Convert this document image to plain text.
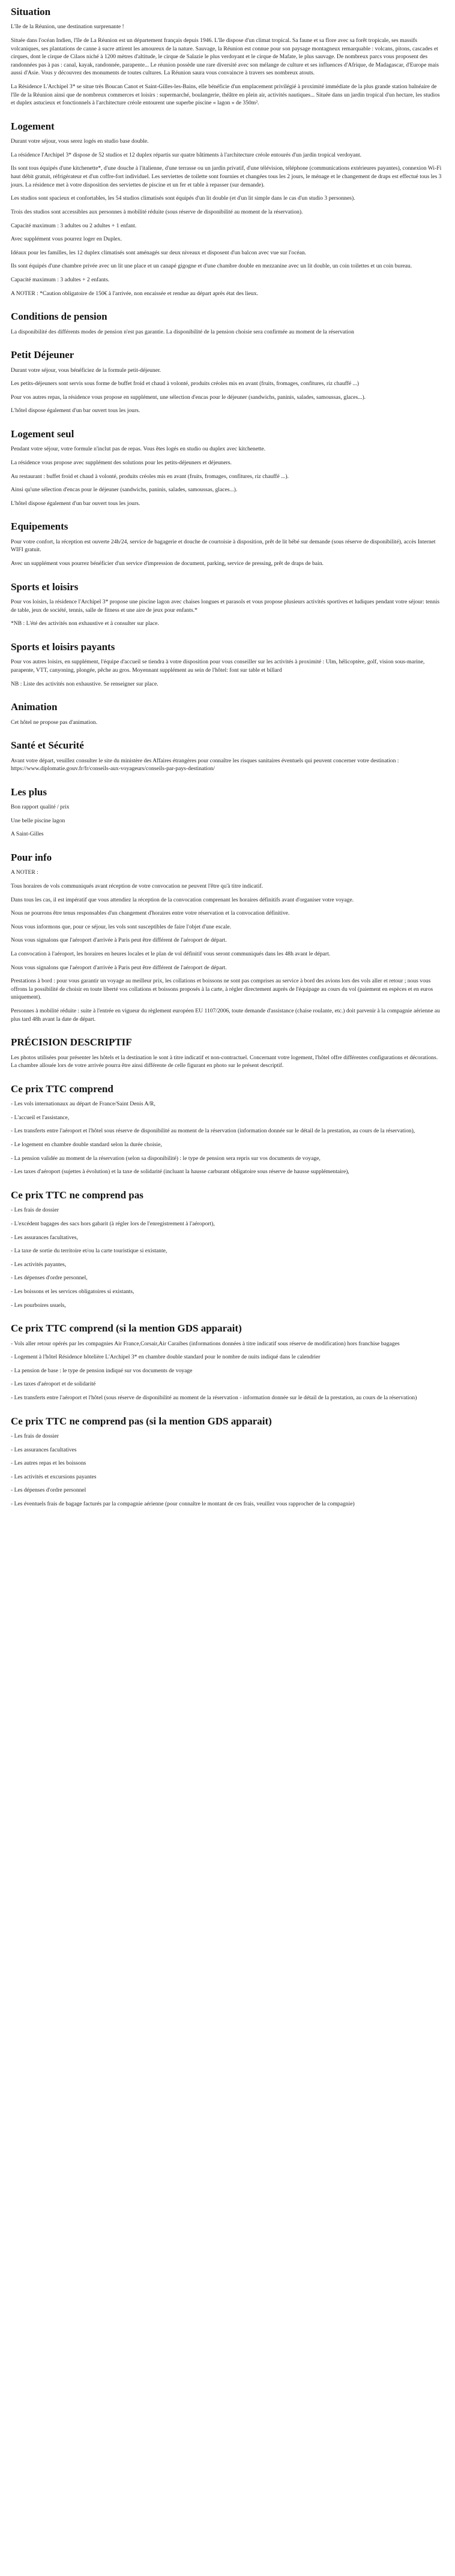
Situation

L'île de la Réunion, une destination surprenante !

Située dans l'océan Indien, l'île de La Réunion est un département français depuis 1946. L'île dispose d'un climat tropical. Sa faune et sa flore avec sa forêt tropicale, ses massifs volcaniques, ses plantations de canne à sucre attirent les amoureux de la nature. Sauvage, la Réunion est connue pour son paysage montagneux remarquable : volcans, pitons, cascades et cirques, dont le cirque de Cilaos niché à 1200 mètres d'altitude, le cirque de Salazie le plus verdoyant et le cirque de Mafate, le plus sauvage. De nombreux parcs vous proposent des randonnées pas à pas : canal, kayak, randonnée, parapente... Le réunion possède une rare diversité avec son mélange de culture et ses influences d'Afrique, de Madagascar, d'Europe mais aussi d'Asie. Vous y découvrez des monuments de toutes cultures. La Réunion saura vous convaincre à travers ses nombreux atouts.

La Résidence L'Archipel 3* se situe très Boucan Canot et Saint-Gilles-les-Bains, elle bénéficie d'un emplacement privilégié à proximité immédiate de la plus grande station balnéaire de l'île de la Réunion ainsi que de nombreux commerces et loisirs : supermarché, boulangerie, théâtre en plein air, activités nautiques... Située dans un jardin tropical d'un hectare, les studios et duplex astucieux et fonctionnels à l'architecture créole entourent une superbe piscine « lagon » de 350m².

Logement

Durant votre séjour, vous serez logés en studio base double.

La résidence l'Archipel 3* dispose de 52 studios et 12 duplex répartis sur quatre bâtiments à l'architecture créole entourés d'un jardin tropical verdoyant.

Ils sont tous équipés d'une kitchenette*, d'une douche à l'italienne, d'une terrasse ou un jardin privatif, d'une télévision, téléphone (communications extérieures payantes), connexion Wi-Fi haut débit gratuit, réfrigérateur et d'un coffre-fort individuel. Les serviettes de toilette sont fournies et changées tous les 2 jours, le ménage et le changement de draps est effectué tous les 3 jours. La résidence met à votre disposition des serviettes de piscine et un fer et table à repasser (sur demande).

Les studios sont spacieux et confortables, les 54 studios climatisés sont équipés d'un lit double (et d'un lit simple dans le cas d'un studio 3 personnes).

Trois des studios sont accessibles aux personnes à mobilité réduite (sous réserve de disponibilité au moment de la réservation).

Capacité maximum : 3 adultes ou 2 adultes + 1 enfant.

Avec supplément vous pourrez loger en Duplex.

Idéaux pour les familles, les 12 duplex climatisés sont aménagés sur deux niveaux et disposent d'un balcon avec vue sur l'océan.

Ils sont équipés d'une chambre privée avec un lit une place et un canapé gigogne et d'une chambre double en mezzanine avec un lit double, un coin toilettes et un coin bureau.

Capacité maximum : 3 adultes + 2 enfants.

A NOTER : *Caution obligatoire de 150€ à l'arrivée, non encaissée et rendue au départ après état des lieux.

Conditions de pension

La disponibilité des différents modes de pension n'est pas garantie. La disponibilité de la pension choisie sera confirmée au moment de la réservation

Petit Déjeuner

Durant votre séjour, vous bénéficiez de la formule petit-déjeuner.

Les petits-déjeuners sont servis sous forme de buffet froid et chaud à volonté, produits créoles mis en avant (fruits, fromages, confitures, riz chauffé ...)

Pour vos autres repas, la résidence vous propose en supplément, une sélection d'encas pour le déjeuner (sandwichs, paninis, salades, samoussas, glaces...).

L'hôtel dispose également d'un bar ouvert tous les jours.

Logement seul

Pendant votre séjour, votre formule n'inclut pas de repas. Vous êtes logés en studio ou duplex avec kitchenette.

La résidence vous propose avec supplément des solutions pour les petits-déjeuners et déjeuners.

Au restaurant : buffet froid et chaud à volonté, produits créoles mis en avant (fruits, fromages, confitures, riz chauffé ...).

Ainsi qu'une sélection d'encas pour le déjeuner (sandwichs, paninis, salades, samoussas, glaces...).

L'hôtel dispose également d'un bar ouvert tous les jours.

Equipements

Pour votre confort, la réception est ouverte 24h/24, service de bagagerie et douche de courtoisie à disposition, prêt de lit bébé sur demande (sous réserve de disponibilité), accès Internet WIFI gratuit.

Avec un supplément vous pourrez bénéficier d'un service d'impression de document, parking, service de pressing, prêt de draps de bain.

Sports et loisirs

Pour vos loisirs, la résidence l'Archipel 3* propose une piscine lagon avec chaises longues et parasols et vous propose plusieurs activités sportives et ludiques pendant votre séjour: tennis de table, jeux de société, tennis, salle de fitness et une aire de jeux pour enfants.*

*NB : L'été des activités non exhaustive et à consulter sur place.

Sports et loisirs payants

Pour vos autres loisirs, en supplément, l'équipe d'accueil se tiendra à votre disposition pour vous conseiller sur les activités à proximité : Ulm, hélicoptère, golf, vision sous-marine, parapente, VTT, canyoning, plongée, pêche au gros. Moyennant supplément au sein de l'hôtel: font sur table et billard

NB : Liste des activités non exhaustive. Se renseigner sur place.

Animation

Cet hôtel ne propose pas d'animation.

Santé et Sécurité

Avant votre départ, veuillez consulter le site du ministère des Affaires étrangères pour connaître les risques sanitaires éventuels qui peuvent concerner votre destination : https://www.diplomatie.gouv.fr/fr/conseils-aux-voyageurs/conseils-par-pays-destination/

Les plus

Bon rapport qualité / prix

Une belle piscine lagon

A Saint-Gilles

Pour info

A NOTER :

Tous horaires de vols communiqués avant réception de votre convocation ne peuvent l'être qu'à titre indicatif.

Dans tous les cas, il est impératif que vous attendiez la réception de la convocation comprenant les horaires définitifs avant d'organiser votre voyage.

Nous ne pourrons être tenus responsables d'un changement d'horaires entre votre réservation et la convocation définitive.

Nous vous informons que, pour ce séjour, les vols sont susceptibles de faire l'objet d'une escale.

Nous vous signalons que l'aéroport d'arrivée à Paris peut être différent de l'aéroport de départ.

La convocation à l'aéroport, les horaires en heures locales et le plan de vol définitif vous seront communiqués dans les 48h avant le départ.

Nous vous signalons que l'aéroport d'arrivée à Paris peut être différent de l'aéroport de départ.

Prestations à bord : pour vous garantir un voyage au meilleur prix, les collations et boissons ne sont pas comprises au service à bord des avions lors des vols aller et retour ; nous vous offrons la possibilité de choisir en toute liberté vos collations et boissons proposés à la carte, à régler directement auprès de l'équipage au cours du vol (paiement en espèces et en euros uniquement).

Personnes à mobilité réduite : suite à l'entrée en vigueur du règlement européen EU 1107/2006, toute demande d'assistance (chaise roulante, etc.) doit parvenir à la compagnie aérienne au plus tard 48h avant la date de départ.

PRÉCISION DESCRIPTIF

Les photos utilisées pour présenter les hôtels et la destination le sont à titre indicatif et non-contractuel. Concernant votre logement, l'hôtel offre différentes configurations et décorations. La chambre allouée lors de votre arrivée pourra être ainsi différente de celle figurant en photo sur le présent descriptif.

Ce prix TTC comprend

- Les vols internationaux au départ de France/Saint Denis A/R,

- L'accueil et l'assistance,

- Les transferts entre l'aéroport et l'hôtel sous réserve de disponibilité au moment de la réservation (information donnée sur le détail de la prestation, au cours de la réservation),

- Le logement en chambre double standard selon la durée choisie,

- La pension validée au moment de la réservation (selon sa disponibilité) : le type de pension sera repris sur vos documents de voyage,

- Les taxes d'aéroport (sujettes à évolution) et la taxe de solidarité (incluant la hausse carburant obligatoire sous réserve de hausse supplémentaire),

Ce prix TTC ne comprend pas

- Les frais de dossier

- L'excédent bagages des sacs hors gabarit (à régler lors de l'enregistrement à l'aéroport),

- Les assurances facultatives,

- La taxe de sortie du territoire et/ou la carte touristique si existante,

- Les activités payantes,

- Les dépenses d'ordre personnel,

- Les boissons et les services obligatoires si existants,

- Les pourboires usuels,

Ce prix TTC comprend (si la mention GDS apparait)

- Vols aller retour opérés par les compagnies Air France,Corsair,Air Caraibes (informations données à titre indicatif sous réserve de modification) hors franchise bagages

- Logement à l'hôtel Résidence hôtelière L'Archipel 3* en chambre double standard pour le nombre de nuits indiqué dans le calendrier

- La pension de base : le type de pension indiqué sur vos documents de voyage

- Les taxes d'aéroport et de solidarité

- Les transferts entre l'aéroport et l'hôtel (sous réserve de disponibilité au moment de la réservation - information donnée sur le détail de la prestation, au cours de la réservation)

Ce prix TTC ne comprend pas (si la mention GDS apparait)

- Les frais de dossier

- Les assurances facultatives

- Les autres repas et les boissons

- Les activités et excursions payantes

- Les dépenses d'ordre personnel

- Les éventuels frais de bagage facturés par la compagnie aérienne (pour connaître le montant de ces frais, veuillez vous rapprocher de la compagnie)
